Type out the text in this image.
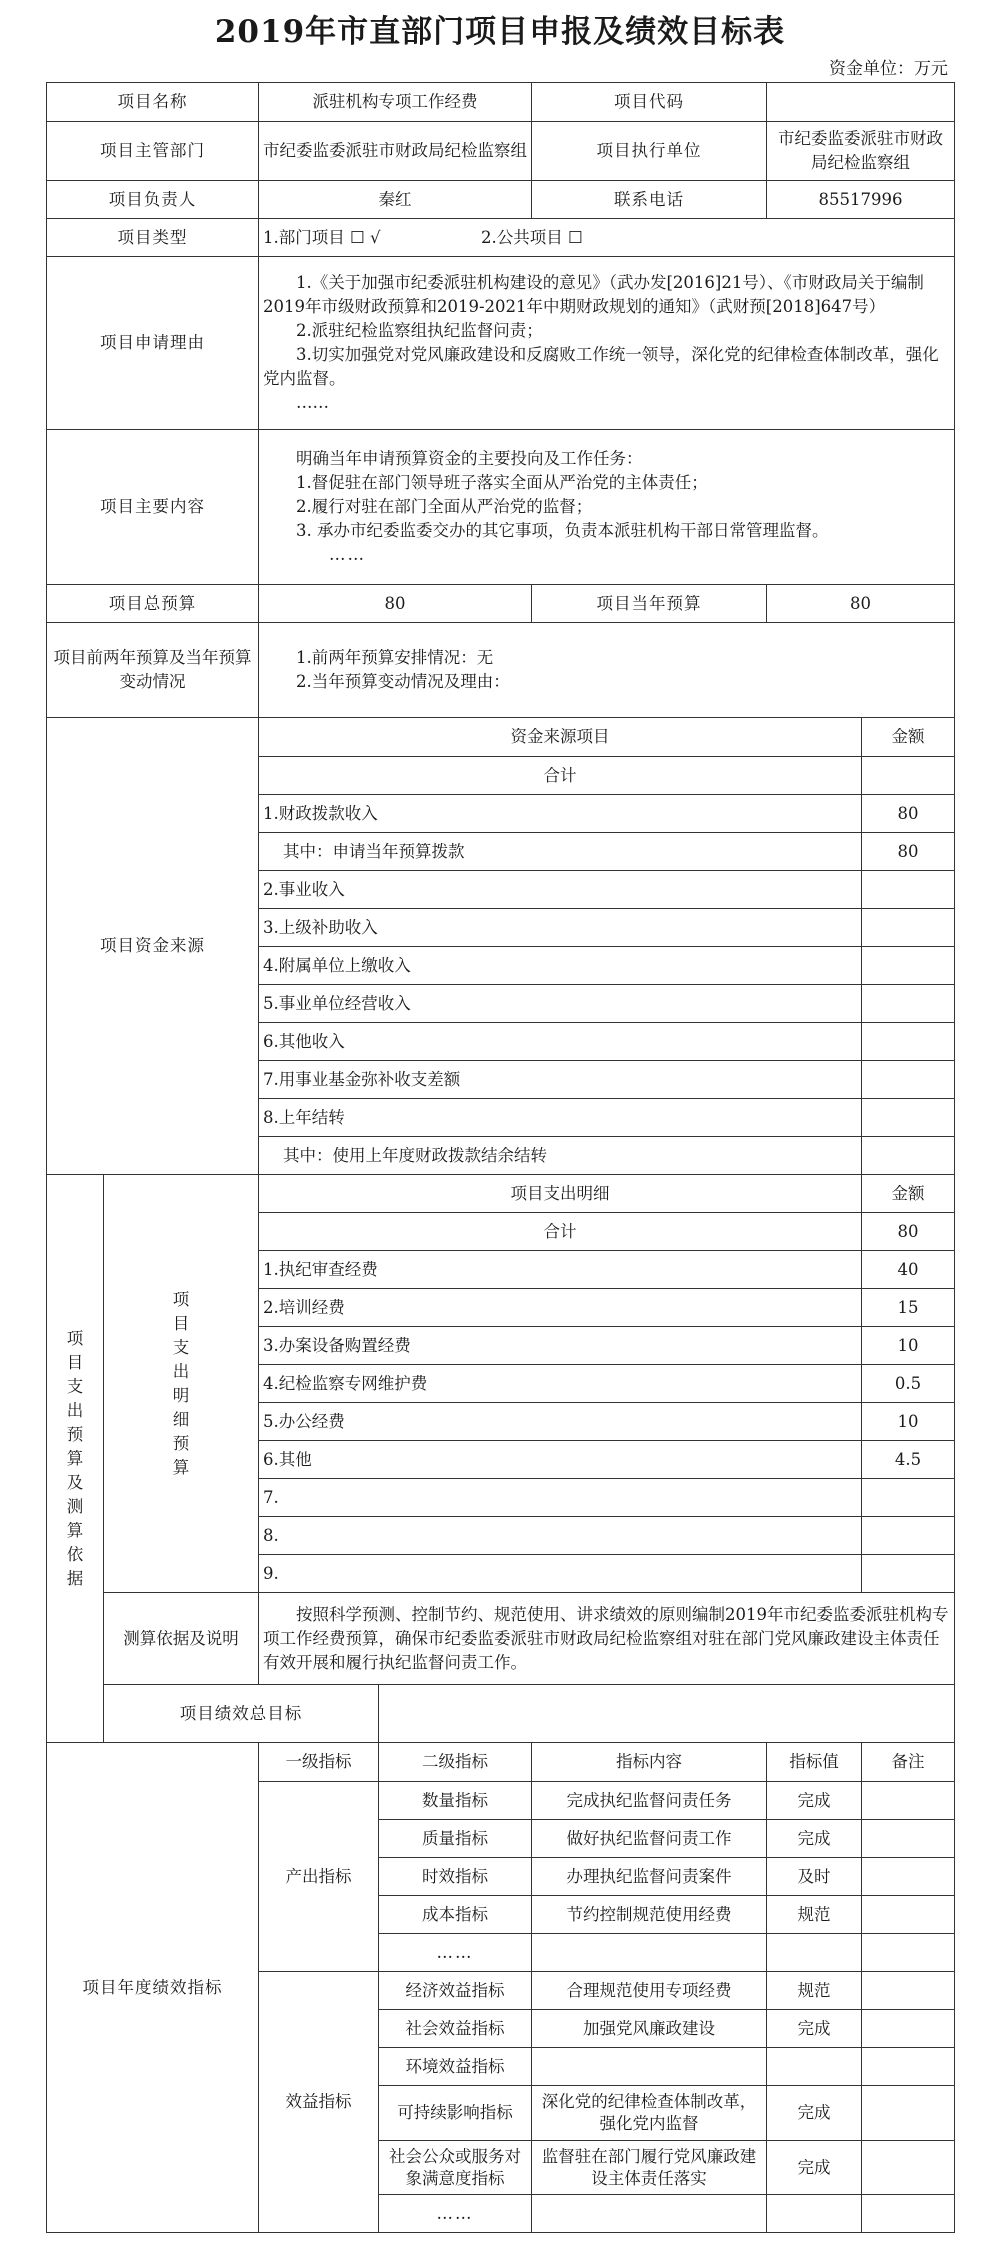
2019年市直部门项目申报及绩效目标表
资金单位：万元
项目名称		派驻机构专项工作经费		项目代码		
项目主管部门		市纪委监委派驻市财政局纪检监察组		项目执行单位	市纪委监委派驻市财政局纪检监察组	
项目负责人		秦红		联系电话	85517996	
项目类型		1.部门项目 ☐ √ 2.公共项目 ☐				
项目申请理由		1.《关于加强市纪委派驻机构建设的意见》（武办发[2016]21号）、《市财政局关于编制2019年市级财政预算和2019-2021年中期财政规划的通知》（武财预[2018]647号）
2.派驻纪检监察组执纪监督问责；
3.切实加强党对党风廉政建设和反腐败工作统一领导，深化党的纪律检查体制改革，强化党内监督。
……				

项目主要内容		明确当年申请预算资金的主要投向及工作任务：
1.督促驻在部门领导班子落实全面从严治党的主体责任；
2.履行对驻在部门全面从严治党的监督；
3. 承办市纪委监委交办的其它事项，负责本派驻机构干部日常管理监督。
……				

项目总预算		80		项目当年预算	80	
项目前两年预算及当年预算变动情况		1.前两年预算安排情况：无
2.当年预算变动情况及理由：				

项目资金来源		资金来源项目				金额
		合计				
		1.财政拨款收入				80
		其中：申请当年预算拨款				80
		2.事业收入				
		3.上级补助收入				
		4.附属单位上缴收入				
		5.事业单位经营收入				
		6.其他收入				
		7.用事业基金弥补收支差额				
		8.上年结转				
		其中：使用上年度财政拨款结余结转				

项目支出预算及测算依据	项目支出明细预算	项目支出明细				金额
		合计				80
		1.执纪审查经费				40
		2.培训经费				15
		3.办案设备购置经费				10
		4.纪检监察专网维护费				0.5
		5.办公经费				10
		6.其他				4.5
		7.				
		8.				
		9.				
	测算依据及说明	按照科学预测、控制节约、规范使用、讲求绩效的原则编制2019年市纪委监委派驻机构专项工作经费预算，确保市纪委监委派驻市财政局纪检监察组对驻在部门党风廉政建设主体责任有效开展和履行执纪监督问责工作。				
	项目绩效总目标					
项目年度绩效指标		一级指标	二级指标	指标内容	指标值	备注
		产出指标	数量指标	完成执纪监督问责任务	完成	
			质量指标	做好执纪监督问责工作	完成	
			时效指标	办理执纪监督问责案件	及时	
			成本指标	节约控制规范使用经费	规范	
			……			
		效益指标	经济效益指标	合理规范使用专项经费	规范	
			社会效益指标	加强党风廉政建设	完成	
			环境效益指标			
			可持续影响指标	深化党的纪律检查体制改革，强化党内监督	完成	
			社会公众或服务对象满意度指标	监督驻在部门履行党风廉政建设主体责任落实	完成	
			……			
